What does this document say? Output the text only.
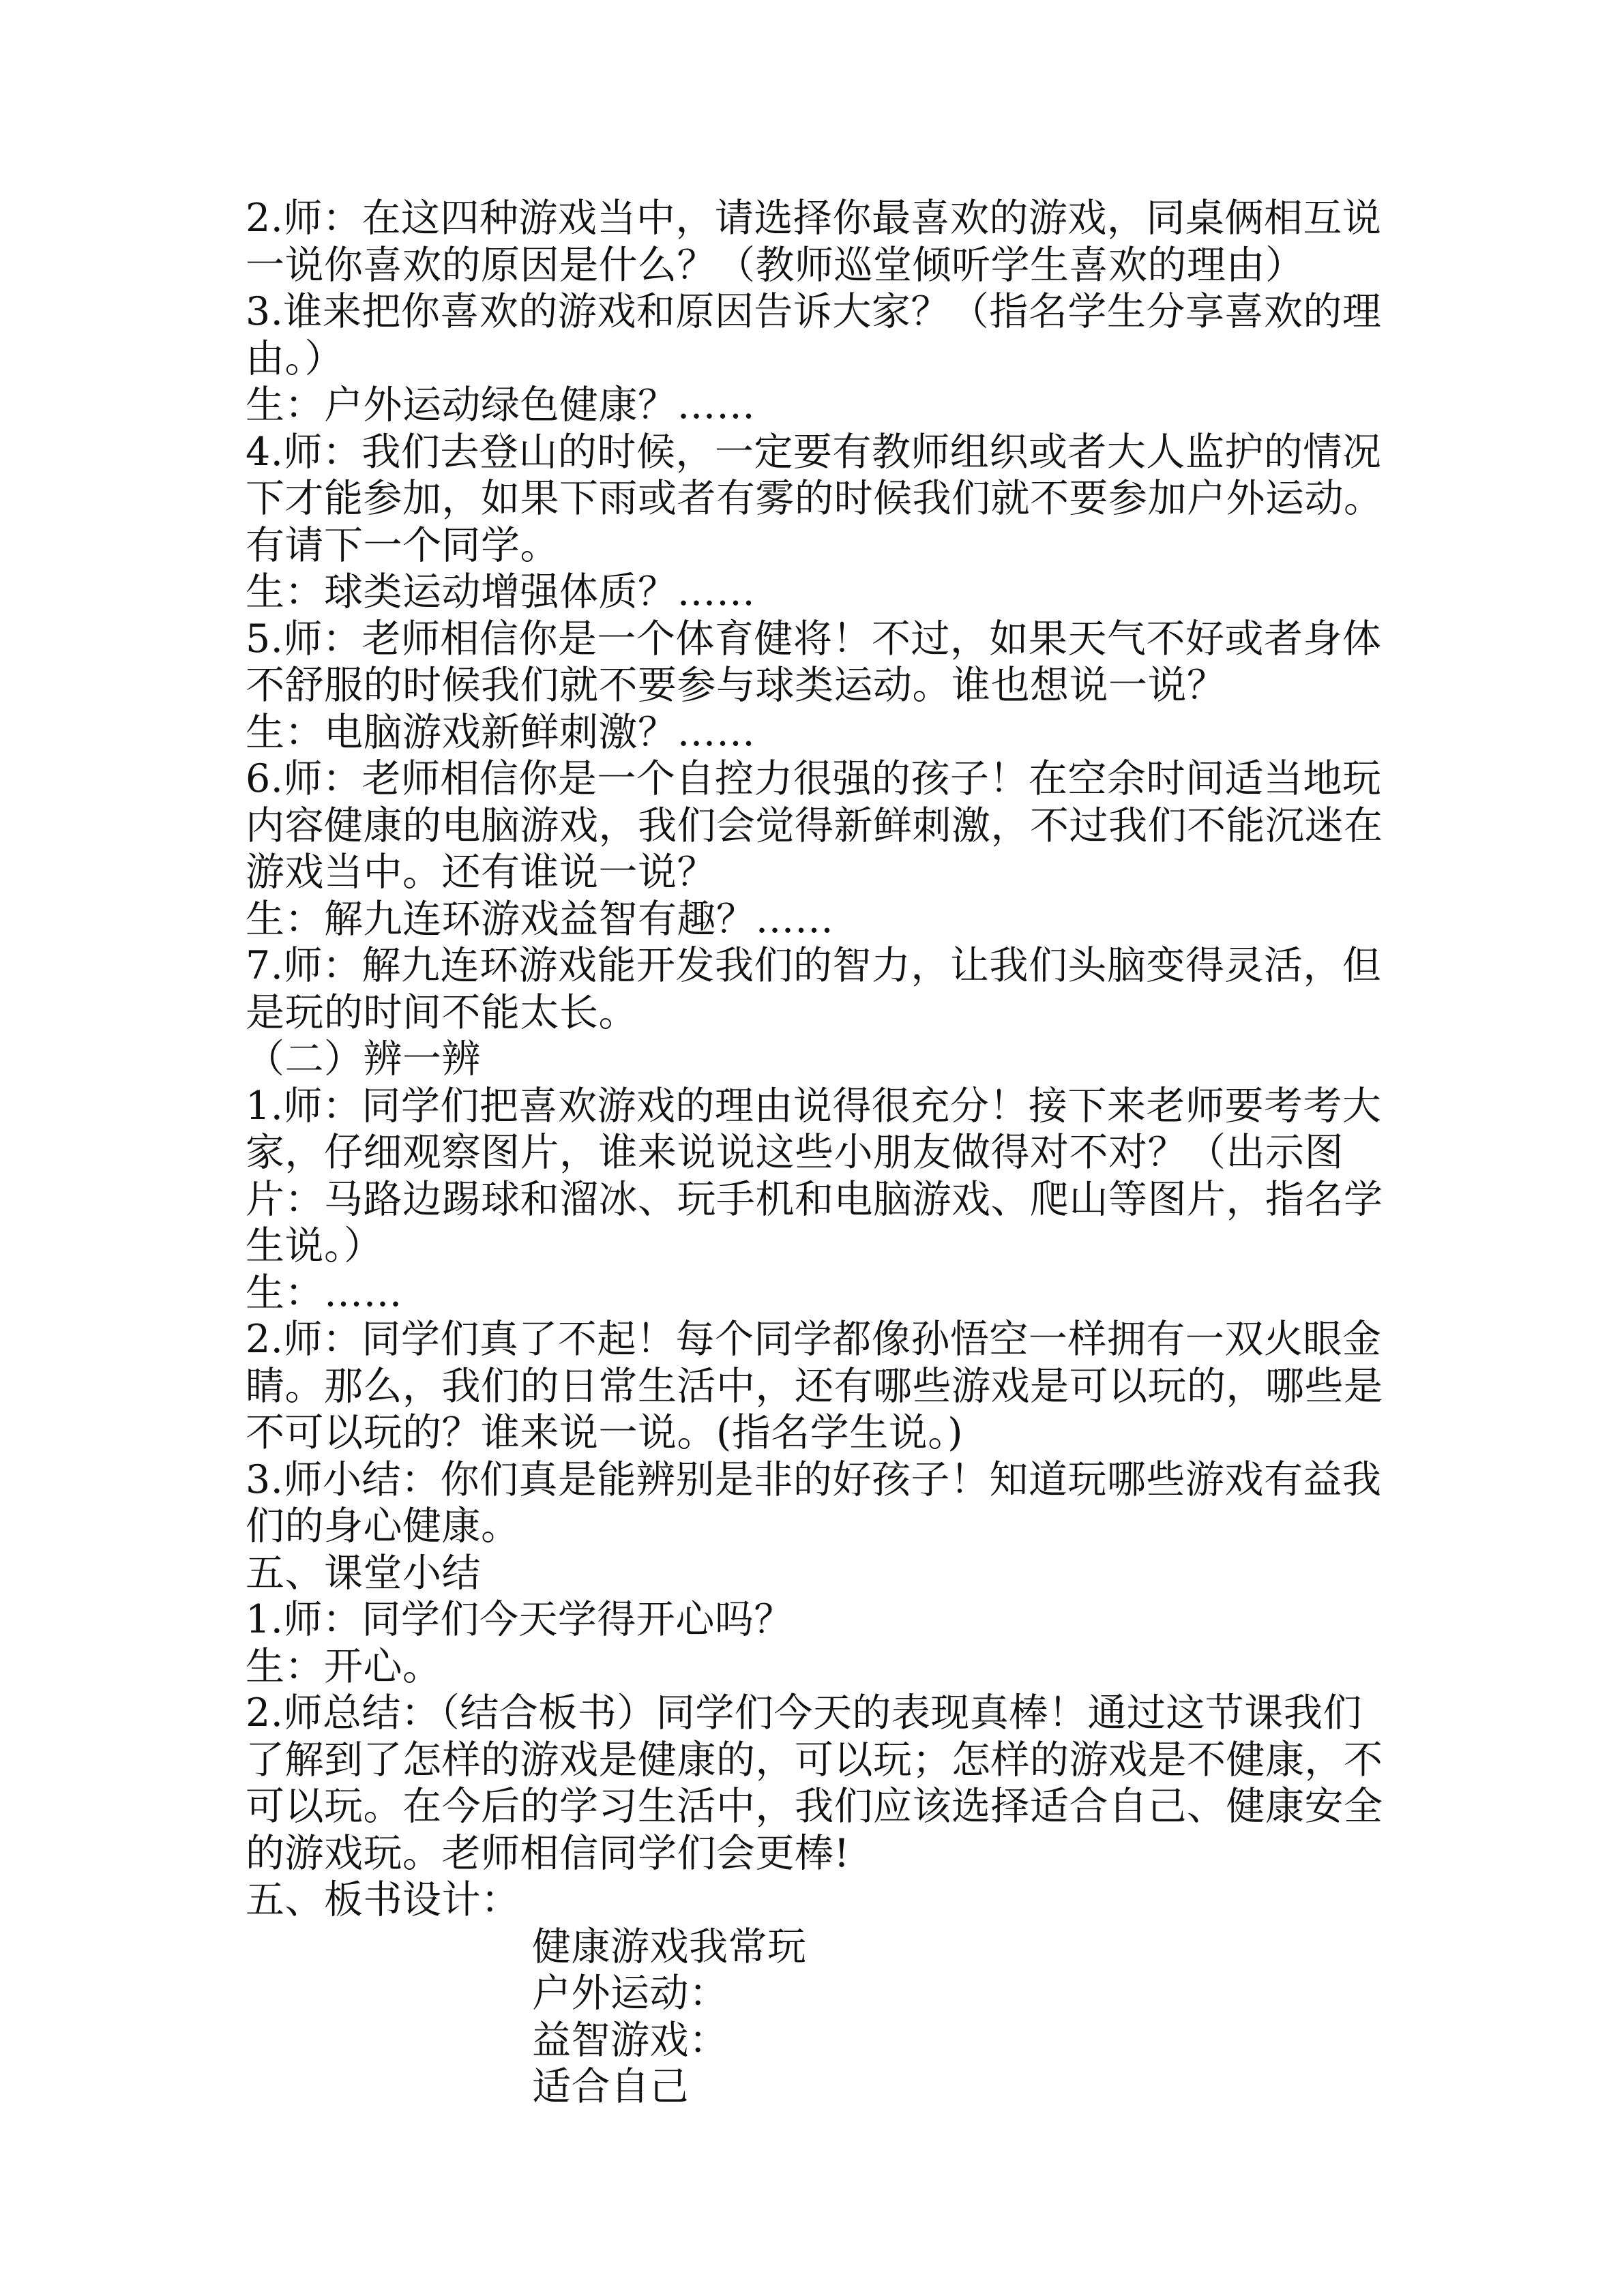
2.师：在这四种游戏当中，请选择你最喜欢的游戏，同桌俩相互说
一说你喜欢的原因是什么？（教师巡堂倾听学生喜欢的理由）
3.谁来把你喜欢的游戏和原因告诉大家？（指名学生分享喜欢的理
由。）
生：户外运动绿色健康？……
4.师：我们去登山的时候，一定要有教师组织或者大人监护的情况
下才能参加，如果下雨或者有雾的时候我们就不要参加户外运动。
有请下一个同学。
生：球类运动增强体质？……
5.师：老师相信你是一个体育健将！不过，如果天气不好或者身体
不舒服的时候我们就不要参与球类运动。谁也想说一说？
生：电脑游戏新鲜刺激？……
6.师：老师相信你是一个自控力很强的孩子！在空余时间适当地玩
内容健康的电脑游戏，我们会觉得新鲜刺激，不过我们不能沉迷在
游戏当中。还有谁说一说？
生：解九连环游戏益智有趣？……
7.师：解九连环游戏能开发我们的智力，让我们头脑变得灵活，但
是玩的时间不能太长。
（二）辨一辨
1.师：同学们把喜欢游戏的理由说得很充分！接下来老师要考考大
家，仔细观察图片，谁来说说这些小朋友做得对不对？（出示图
片：马路边踢球和溜冰、玩手机和电脑游戏、爬山等图片，指名学
生说。）
生：……
2.师：同学们真了不起！每个同学都像孙悟空一样拥有一双火眼金
睛。那么，我们的日常生活中，还有哪些游戏是可以玩的，哪些是
不可以玩的？谁来说一说。(指名学生说。)
3.师小结：你们真是能辨别是非的好孩子！知道玩哪些游戏有益我
们的身心健康。
五、课堂小结
1.师：同学们今天学得开心吗？
生：开心。
2.师总结：（结合板书）同学们今天的表现真棒！通过这节课我们
了解到了怎样的游戏是健康的，可以玩；怎样的游戏是不健康，不
可以玩。在今后的学习生活中，我们应该选择适合自己、健康安全
的游戏玩。老师相信同学们会更棒!
五、板书设计：
健康游戏我常玩
户外运动：
益智游戏：
适合自己
